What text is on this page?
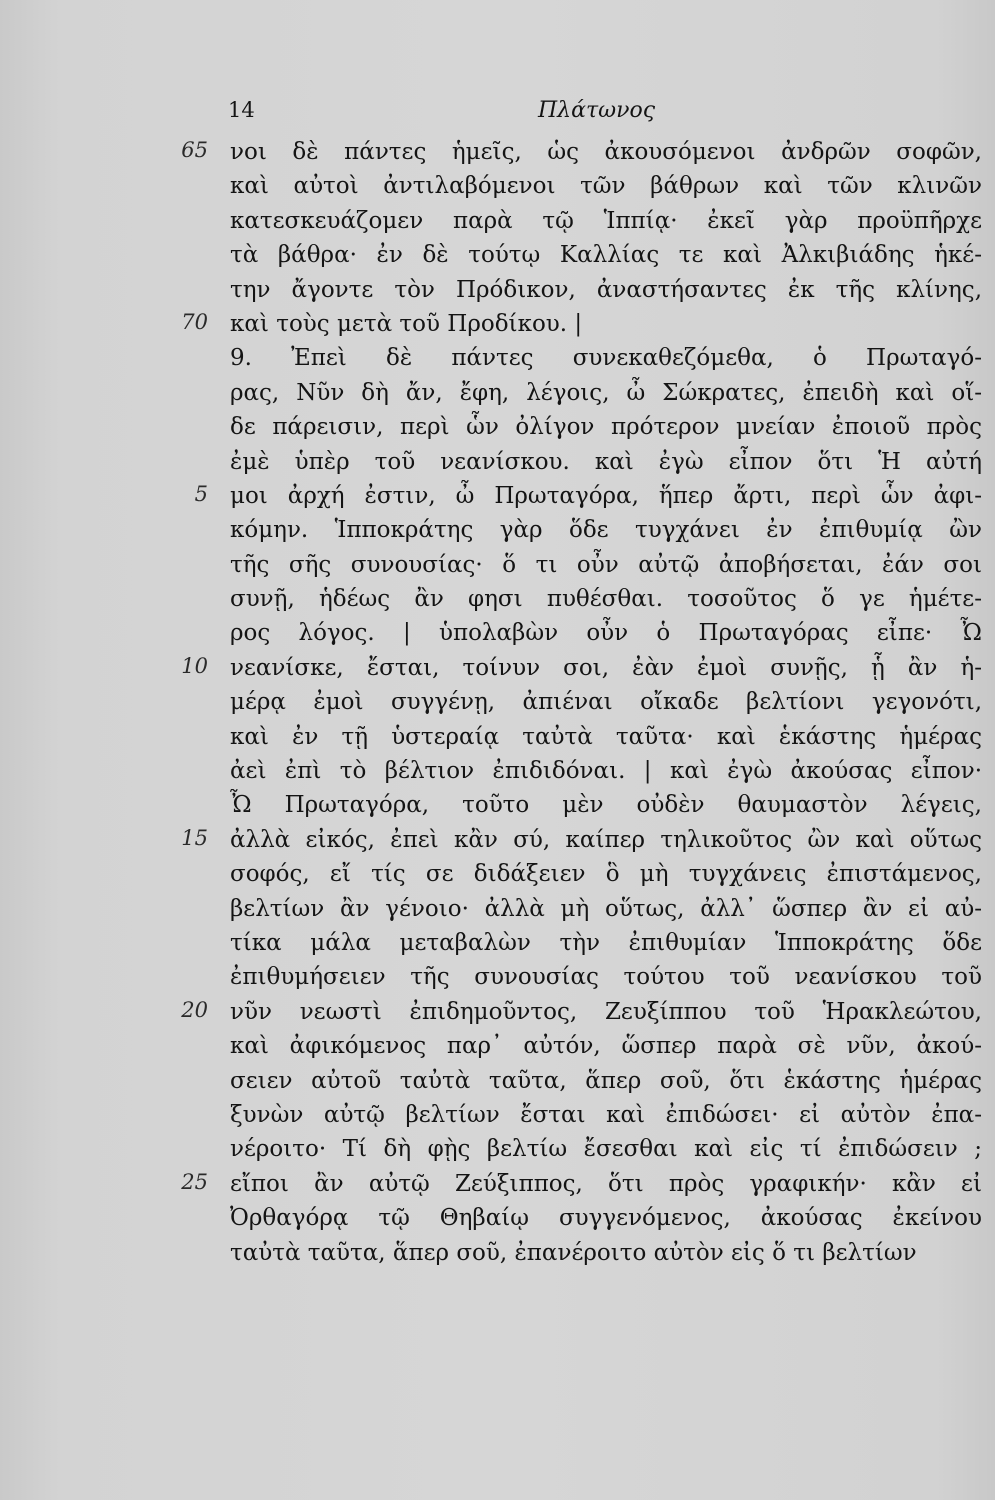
14	Πλάτωνος
65 νοι δὲ πάντες ἡμεῖς, ὡς ἀκουσόμενοι ἀνδρῶν σοφῶν,
καὶ αὐτοὶ ἀντιλαβόμενοι τῶν βάθρων καὶ τῶν κλινῶν
κατεσκευάζομεν παρὰ τῷ Ἱππίᾳ· ἐκεῖ γὰρ προϋπῆρχε
τὰ βάθρα· ἐν δὲ τούτῳ Καλλίας τε καὶ Ἀλκιβιάδης ἡκέ-
την ἄγοντε τὸν Πρόδικον, ἀναστήσαντες ἐκ τῆς κλίνης,
70 καὶ τοὺς μετὰ τοῦ Προδίκου. |
9. Ἐπεὶ δὲ πάντες συνεκαθεζόμεθα, ὁ Πρωταγό-
ρας, Νῦν δὴ ἄν, ἔφη, λέγοις, ὦ Σώκρατες, ἐπειδὴ καὶ οἵ-
δε πάρεισιν, περὶ ὧν ὀλίγον πρότερον μνείαν ἐποιοῦ πρὸς
ἐμὲ ὑπὲρ τοῦ νεανίσκου. καὶ ἐγὼ εἶπον ὅτι Ἡ αὐτή
5 μοι ἀρχή ἐστιν, ὦ Πρωταγόρα, ἥπερ ἄρτι, περὶ ὧν ἀφι-
κόμην. Ἱπποκράτης γὰρ ὅδε τυγχάνει ἐν ἐπιθυμίᾳ ὢν
τῆς σῆς συνουσίας· ὅ τι οὖν αὐτῷ ἀποβήσεται, ἐάν σοι
συνῇ, ἡδέως ἂν φησι πυθέσθαι. τοσοῦτος ὅ γε ἡμέτε-
ρος λόγος. | ὑπολαβὼν οὖν ὁ Πρωταγόρας εἶπε· Ὦ
10 νεανίσκε, ἔσται, τοίνυν σοι, ἐὰν ἐμοὶ συνῇς, ᾗ ἂν ἡ-
μέρᾳ ἐμοὶ συγγένῃ, ἀπιέναι οἴκαδε βελτίονι γεγονότι,
καὶ ἐν τῇ ὑστεραίᾳ ταὐτὰ ταῦτα· καὶ ἑκάστης ἡμέρας
ἀεὶ ἐπὶ τὸ βέλτιον ἐπιδιδόναι. | καὶ ἐγὼ ἀκούσας εἶπον·
Ὦ Πρωταγόρα, τοῦτο μὲν οὐδὲν θαυμαστὸν λέγεις,
15 ἀλλὰ εἰκός, ἐπεὶ κἂν σύ, καίπερ τηλικοῦτος ὢν καὶ οὕτως
σοφός, εἴ τίς σε διδάξειεν ὃ μὴ τυγχάνεις ἐπιστάμενος,
βελτίων ἂν γένοιο· ἀλλὰ μὴ οὕτως, ἀλλ᾽ ὥσπερ ἂν εἰ αὐ-
τίκα μάλα μεταβαλὼν τὴν ἐπιθυμίαν Ἱπποκράτης ὅδε
ἐπιθυμήσειεν τῆς συνουσίας τούτου τοῦ νεανίσκου τοῦ
20 νῦν νεωστὶ ἐπιδημοῦντος, Ζευξίππου τοῦ Ἡρακλεώτου,
καὶ ἀφικόμενος παρ᾽ αὐτόν, ὥσπερ παρὰ σὲ νῦν, ἀκού-
σειεν αὐτοῦ ταὐτὰ ταῦτα, ἅπερ σοῦ, ὅτι ἑκάστης ἡμέρας
ξυνὼν αὐτῷ βελτίων ἔσται καὶ ἐπιδώσει· εἰ αὐτὸν ἐπα-
νέροιτο· Τί δὴ φῂς βελτίω ἔσεσθαι καὶ εἰς τί ἐπιδώσειν ;
25 εἴποι ἂν αὐτῷ Ζεύξιππος, ὅτι πρὸς γραφικήν· κἂν εἰ
Ὀρθαγόρᾳ τῷ Θηβαίῳ συγγενόμενος, ἀκούσας ἐκείνου
ταὐτὰ ταῦτα, ἅπερ σοῦ, ἐπανέροιτο αὐτὸν εἰς ὅ τι βελτίων
